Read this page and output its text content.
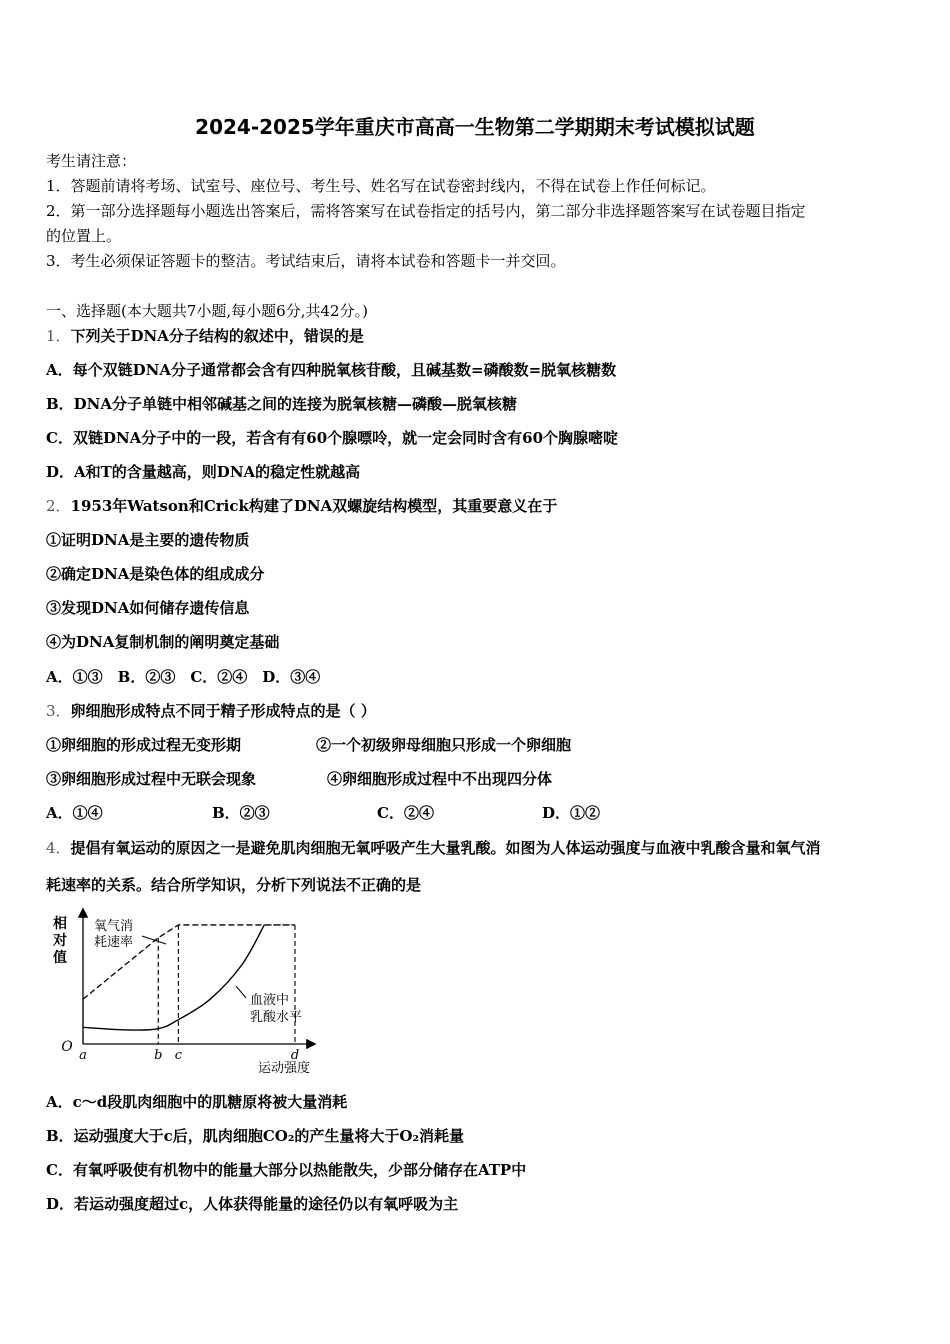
2024-2025学年重庆市高高一生物第二学期期末考试模拟试题
考生请注意：
1．答题前请将考场、试室号、座位号、考生号、姓名写在试卷密封线内，不得在试卷上作任何标记。
2．第一部分选择题每小题选出答案后，需将答案写在试卷指定的括号内，第二部分非选择题答案写在试卷题目指定
的位置上。
3．考生必须保证答题卡的整洁。考试结束后，请将本试卷和答题卡一并交回。
一、选择题(本大题共7小题,每小题6分,共42分。)
1．下列关于DNA分子结构的叙述中，错误的是
A．每个双链DNA分子通常都会含有四种脱氧核苷酸，且碱基数=磷酸数=脱氧核糖数
B．DNA分子单链中相邻碱基之间的连接为脱氧核糖—磷酸—脱氧核糖
C．双链DNA分子中的一段，若含有有60个腺嘌呤，就一定会同时含有60个胸腺嘧啶
D．A和T的含量越高，则DNA的稳定性就越高
2．1953年Watson和Crick构建了DNA双螺旋结构模型，其重要意义在于
①证明DNA是主要的遗传物质
②确定DNA是染色体的组成成分
③发现DNA如何储存遗传信息
④为DNA复制机制的阐明奠定基础
A．①③　B．②③　C．②④　D．③④
3．卵细胞形成特点不同于精子形成特点的是（ ）
①卵细胞的形成过程无变形期	②一个初级卵母细胞只形成一个卵细胞
③卵细胞形成过程中无联会现象	④卵细胞形成过程中不出现四分体
A．①④	B．②③	C．②④	D．①②
4．提倡有氧运动的原因之一是避免肌肉细胞无氧呼吸产生大量乳酸。如图为人体运动强度与血液中乳酸含量和氧气消
耗速率的关系。结合所学知识，分析下列说法不正确的是
相
对
值
O
运动强度
a	b c	d
氧气消
耗速率
血液中
乳酸水平
A．c～d段肌肉细胞中的肌糖原将被大量消耗
B．运动强度大于c后，肌肉细胞CO₂的产生量将大于O₂消耗量
C．有氧呼吸使有机物中的能量大部分以热能散失，少部分储存在ATP中
D．若运动强度超过c，人体获得能量的途径仍以有氧呼吸为主
